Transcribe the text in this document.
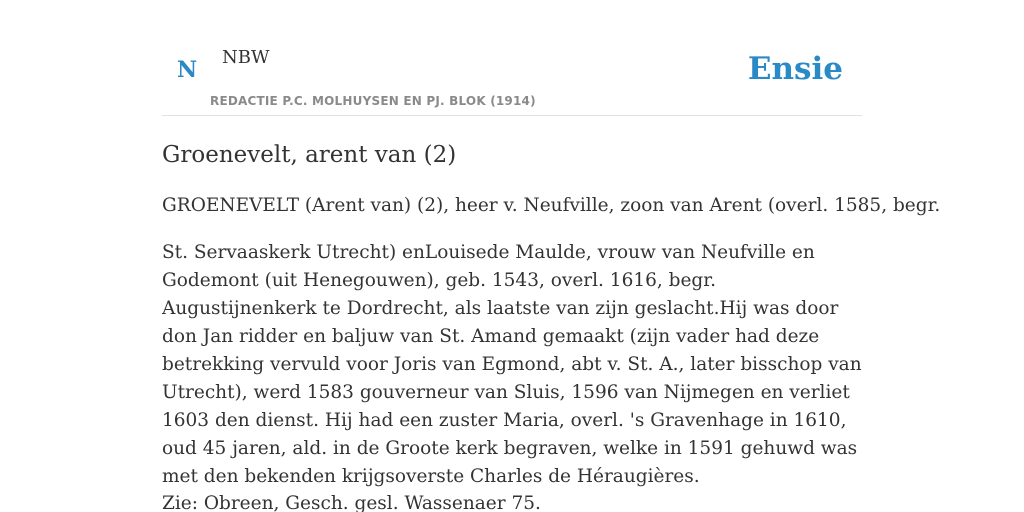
N NBW
REDACTIE P.C. MOLHUYSEN EN PJ. BLOK (1914)
Ensie
Groenevelt, arent van (2)

GROENEVELT (Arent van) (2), heer v. Neufville, zoon van Arent (overl. 1585, begr.

St. Servaaskerk Utrecht) enLouisede Maulde, vrouw van Neufville en Godemont (uit Henegouwen), geb. 1543, overl. 1616, begr. Augustijnenkerk te Dordrecht, als laatste van zijn geslacht.Hij was door don Jan ridder en baljuw van St. Amand gemaakt (zijn vader had deze betrekking vervuld voor Joris van Egmond, abt v. St. A., later bisschop van Utrecht), werd 1583 gouverneur van Sluis, 1596 van Nijmegen en verliet 1603 den dienst. Hij had een zuster Maria, overl. 's Gravenhage in 1610, oud 45 jaren, ald. in de Groote kerk begraven, welke in 1591 gehuwd was met den bekenden krijgsoverste Charles de Héraugières.

Zie: Obreen, Gesch. gesl. Wassenaer 75.
